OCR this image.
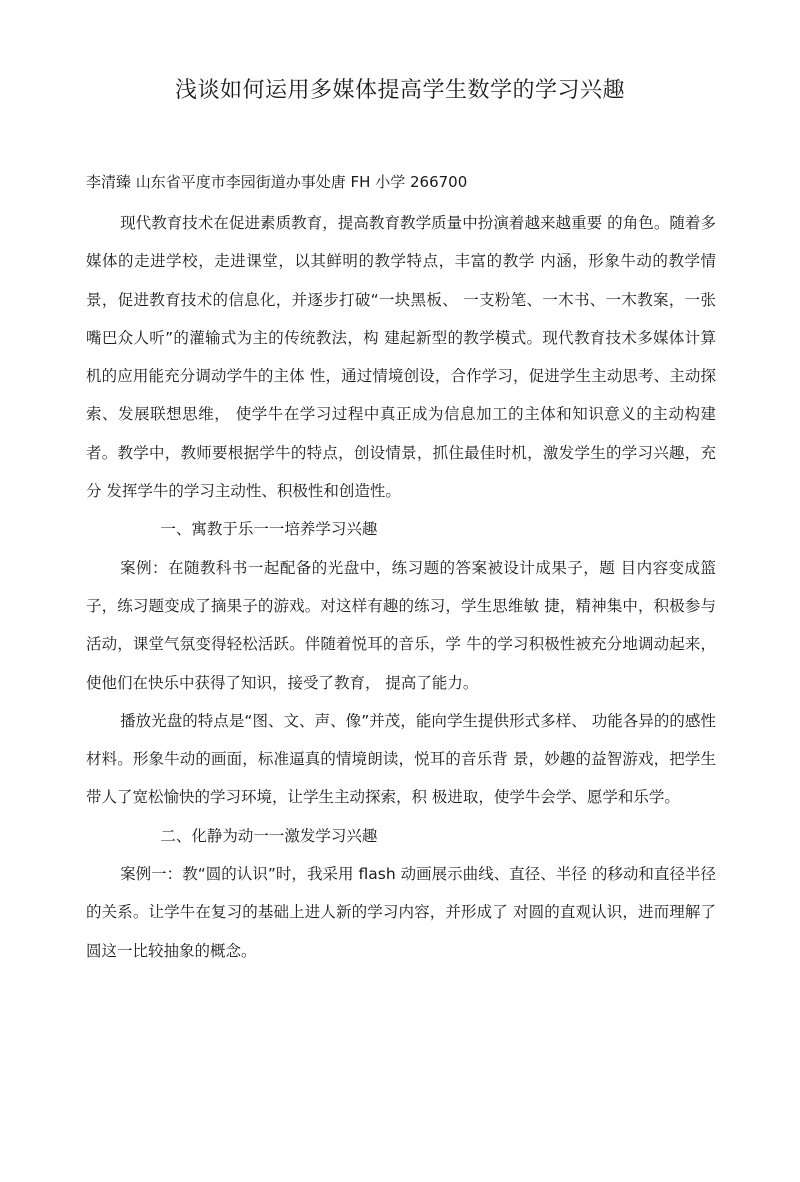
浅谈如何运用多媒体提高学生数学的学习兴趣
李清臻 山东省平度市李园街道办事处唐 FH 小学 266700

现代教育技术在促进素质教育，提高教育教学质量中扮演着越来越重要 的角色。随着多媒体的走进学校，走进课堂，以其鲜明的教学特点，丰富的教学 内涵，形象牛动的教学情景，促进教育技术的信息化，并逐步打破“一块黑板、 一支粉笔、一木书、一木教案，一张嘴巴众人听”的灌输式为主的传统教法，构 建起新型的教学模式。现代教育技术多媒体计算机的应用能充分调动学牛的主体 性，通过情境创设，合作学习，促进学生主动思考、主动探索、发展联想思维， 使学牛在学习过程中真正成为信息加工的主体和知识意义的主动构建者。教学中，教师要根据学牛的特点，创设情景，抓住最佳时机，激发学生的学习兴趣，充分 发挥学牛的学习主动性、积极性和创造性。

一、寓教于乐一一培养学习兴趣

案例：在随教科书一起配备的光盘中，练习题的答案被设计成果子，题 目内容变成篮子，练习题变成了摘果子的游戏。对这样有趣的练习，学生思维敏 捷，精神集中，积极参与活动，课堂气氛变得轻松活跃。伴随着悦耳的音乐，学 牛的学习积极性被充分地调动起来，使他们在快乐中获得了知识，接受了教育， 提高了能力。

播放光盘的特点是“图、文、声、像”并茂，能向学生提供形式多样、 功能各异的的感性材料。形象牛动的画面，标准逼真的情境朗读，悦耳的音乐背 景，妙趣的益智游戏，把学生带人了宽松愉快的学习环境，让学生主动探索，积 极进取，使学牛会学、愿学和乐学。

二、化静为动一一激发学习兴趣

案例一：教“圆的认识”时，我采用 flash 动画展示曲线、直径、半径 的移动和直径半径的关系。让学牛在复习的基础上进人新的学习内容，并形成了 对圆的直观认识，进而理解了圆这一比较抽象的概念。
